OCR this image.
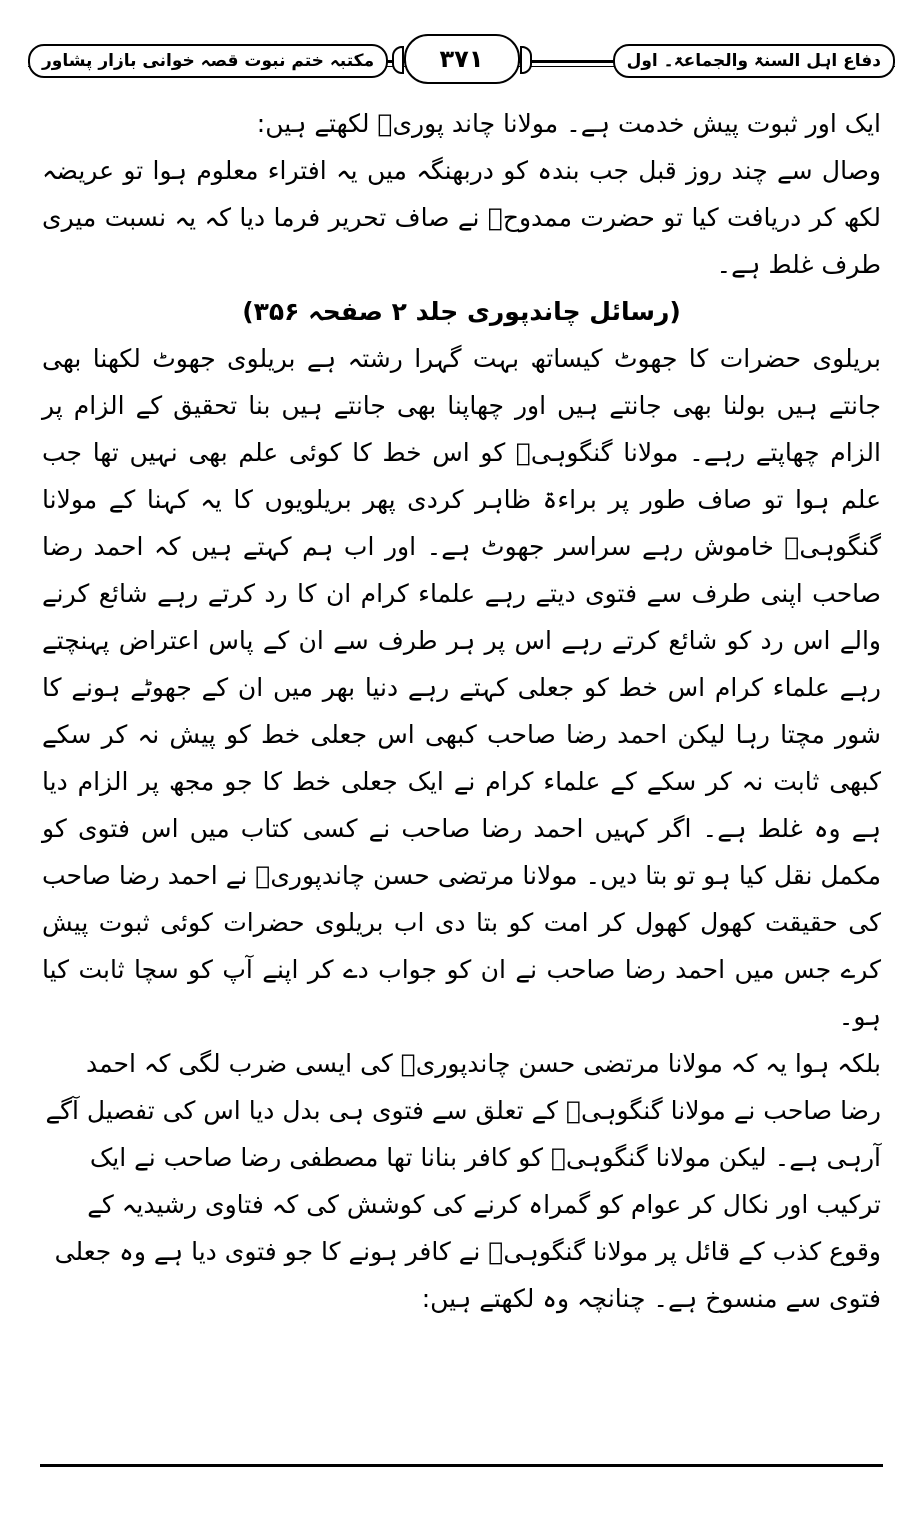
دفاع اہل السنۃ والجماعۃ۔ اول
۳۷۱
مکتبہ ختم نبوت قصہ خوانی بازار پشاور

ایک اور ثبوت پیش خدمت ہے۔ مولانا چاند پوریؒ لکھتے ہیں:

وصال سے چند روز قبل جب بندہ کو دربھنگہ میں یہ افتراء معلوم ہوا تو عریضہ لکھ کر دریافت کیا تو حضرت ممدوحؒ نے صاف تحریر فرما دیا کہ یہ نسبت میری طرف غلط ہے۔

(رسائل چاندپوری جلد ۲ صفحہ ۳۵۶)

بریلوی حضرات کا جھوٹ کیساتھ بہت گہرا رشتہ ہے بریلوی جھوٹ لکھنا بھی جانتے ہیں بولنا بھی جانتے ہیں اور چھاپنا بھی جانتے ہیں بنا تحقیق کے الزام پر الزام چھاپتے رہے۔ مولانا گنگوہیؒ کو اس خط کا کوئی علم بھی نہیں تھا جب علم ہوا تو صاف طور پر براءۃ ظاہر کردی پھر بریلویوں کا یہ کہنا کے مولانا گنگوہیؒ خاموش رہے سراسر جھوٹ ہے۔ اور اب ہم کہتے ہیں کہ احمد رضا صاحب اپنی طرف سے فتوی دیتے رہے علماء کرام ان کا رد کرتے رہے شائع کرنے والے اس رد کو شائع کرتے رہے اس پر ہر طرف سے ان کے پاس اعتراض پہنچتے رہے علماء کرام اس خط کو جعلی کہتے رہے دنیا بھر میں ان کے جھوٹے ہونے کا شور مچتا رہا لیکن احمد رضا صاحب کبھی اس جعلی خط کو پیش نہ کر سکے کبھی ثابت نہ کر سکے کے علماء کرام نے ایک جعلی خط کا جو مجھ پر الزام دیا ہے وہ غلط ہے۔ اگر کہیں احمد رضا صاحب نے کسی کتاب میں اس فتوی کو مکمل نقل کیا ہو تو بتا دیں۔ مولانا مرتضی حسن چاندپوریؒ نے احمد رضا صاحب کی حقیقت کھول کھول کر امت کو بتا دی اب بریلوی حضرات کوئی ثبوت پیش کرے جس میں احمد رضا صاحب نے ان کو جواب دے کر اپنے آپ کو سچا ثابت کیا ہو۔

بلکہ ہوا یہ کہ مولانا مرتضی حسن چاندپوریؒ کی ایسی ضرب لگی کہ احمد رضا صاحب نے مولانا گنگوہیؒ کے تعلق سے فتوی ہی بدل دیا اس کی تفصیل آگے آرہی ہے۔ لیکن مولانا گنگوہیؒ کو کافر بنانا تھا مصطفی رضا صاحب نے ایک ترکیب اور نکال کر عوام کو گمراہ کرنے کی کوشش کی کہ فتاوی رشیدیہ کے وقوع کذب کے قائل پر مولانا گنگوہیؒ نے کافر ہونے کا جو فتوی دیا ہے وہ جعلی فتوی سے منسوخ ہے۔ چنانچہ وہ لکھتے ہیں:
